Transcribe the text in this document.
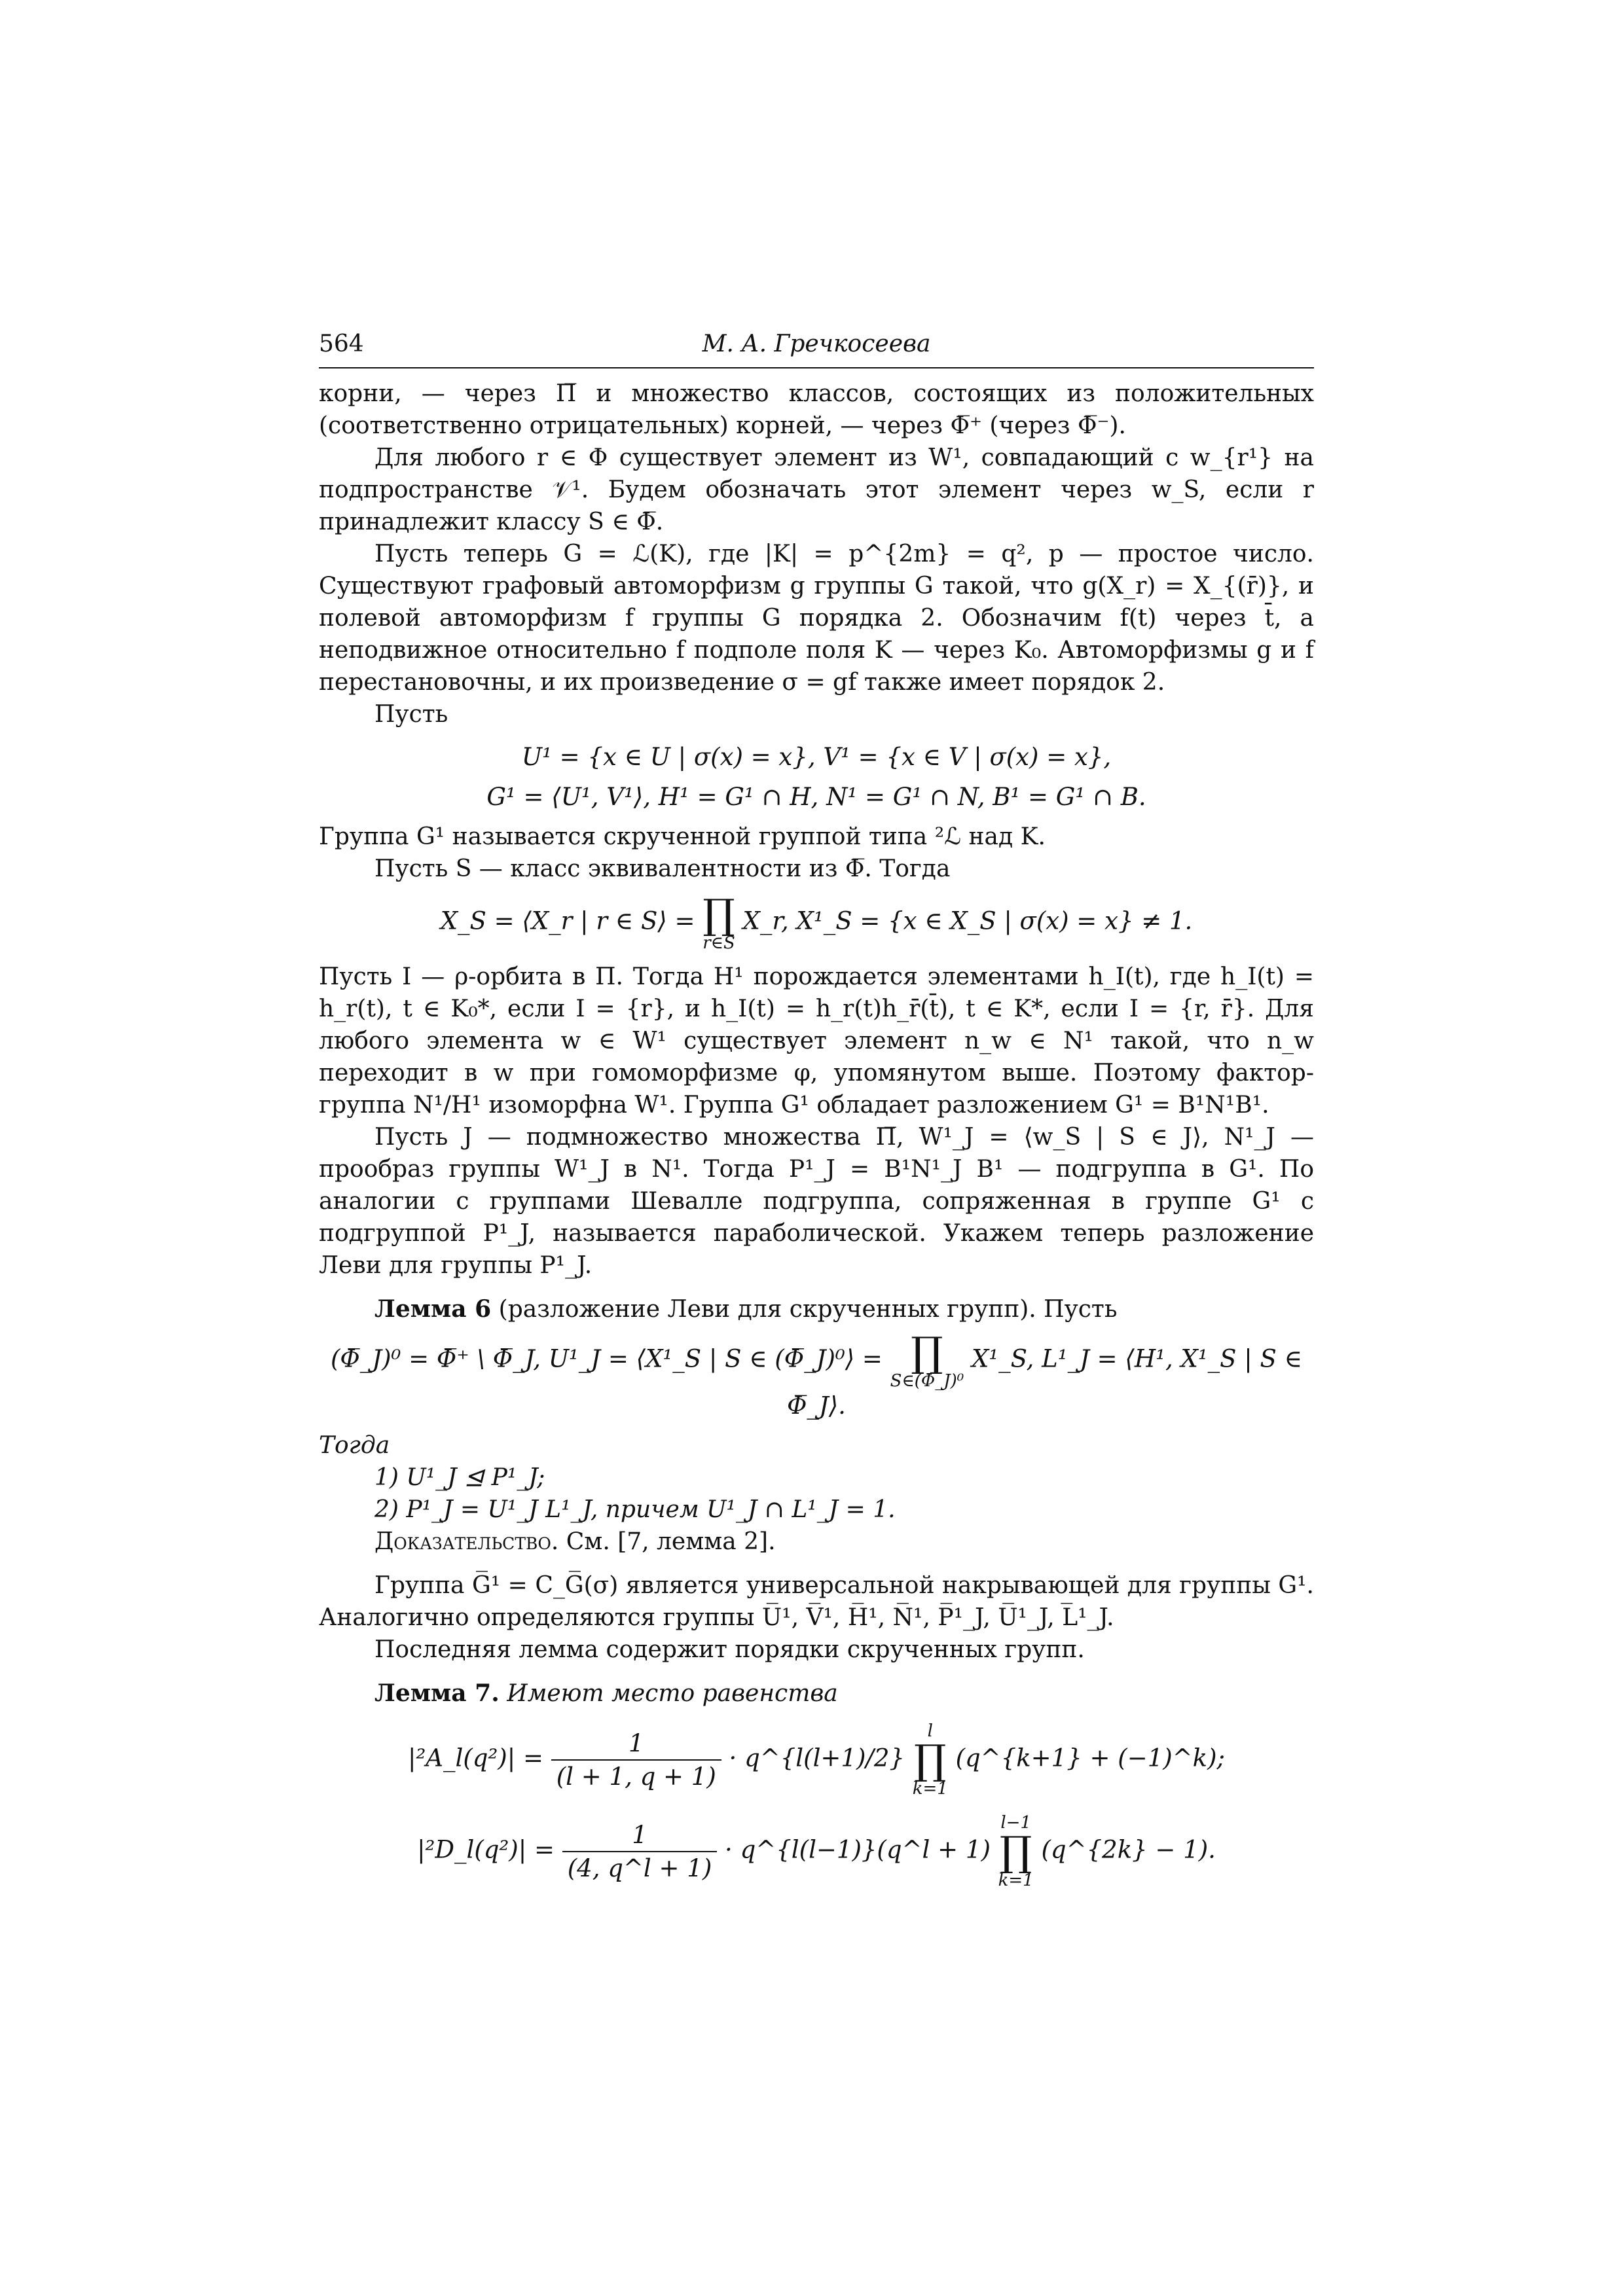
564	М. А. Гречкосеева

корни, — через Π̅ и множество классов, состоящих из положительных (соответственно отрицательных) корней, — через Φ̅⁺ (через Φ̅⁻).

Для любого r ∈ Φ существует элемент из W¹, совпадающий с w_{r¹} на подпространстве 𝒱¹. Будем обозначать этот элемент через w_S, если r принадлежит классу S ∈ Φ̅.

Пусть теперь G = ℒ(K), где |K| = p^{2m} = q², p — простое число. Существуют графовый автоморфизм g группы G такой, что g(X_r) = X_{(r̄)}, и полевой автоморфизм f группы G порядка 2. Обозначим f(t) через t̄, а неподвижное относительно f подполе поля K — через K₀. Автоморфизмы g и f перестановочны, и их произведение σ = gf также имеет порядок 2.

Пусть

U¹ = {x ∈ U | σ(x) = x}, V¹ = {x ∈ V | σ(x) = x},

G¹ = ⟨U¹, V¹⟩, H¹ = G¹ ∩ H, N¹ = G¹ ∩ N, B¹ = G¹ ∩ B.

Группа G¹ называется скрученной группой типа ²ℒ над K.

Пусть S — класс эквивалентности из Φ̅. Тогда

X_S = ⟨X_r | r ∈ S⟩ = ∏
r∈S
X_r, X¹_S = {x ∈ X_S | σ(x) = x} ≠ 1.

Пусть I — ρ-орбита в Π. Тогда H¹ порождается элементами h_I(t), где h_I(t) = h_r(t), t ∈ K₀*, если I = {r}, и h_I(t) = h_r(t)h_r̄(t̄), t ∈ K*, если I = {r, r̄}. Для любого элемента w ∈ W¹ существует элемент n_w ∈ N¹ такой, что n_w переходит в w при гомоморфизме φ, упомянутом выше. Поэтому фактор-группа N¹/H¹ изоморфна W¹. Группа G¹ обладает разложением G¹ = B¹N¹B¹.

Пусть J — подмножество множества Π̅, W¹_J = ⟨w_S | S ∈ J⟩, N¹_J — прообраз группы W¹_J в N¹. Тогда P¹_J = B¹N¹_J B¹ — подгруппа в G¹. По аналогии с группами Шевалле подгруппа, сопряженная в группе G¹ с подгруппой P¹_J, называется параболической. Укажем теперь разложение Леви для группы P¹_J.

Лемма 6 (разложение Леви для скрученных групп). Пусть

(Φ̅_J)⁰ = Φ̅⁺ \ Φ̅_J, U¹_J = ⟨X¹_S | S ∈ (Φ̅_J)⁰⟩ = ∏
S∈(Φ̅_J)⁰
X¹_S, L¹_J = ⟨H¹, X¹_S | S ∈ Φ̅_J⟩.

Тогда

1) U¹_J ⊴ P¹_J;

2) P¹_J = U¹_J L¹_J, причем U¹_J ∩ L¹_J = 1.

Доказательство. См. [7, лемма 2].

Группа G̅¹ = C_G̅(σ) является универсальной накрывающей для группы G¹. Аналогично определяются группы U̅¹, V̅¹, H̅¹, N̅¹, P̅¹_J, U̅¹_J, L̅¹_J.

Последняя лемма содержит порядки скрученных групп.

Лемма 7. Имеют место равенства

|²A_l(q²)| = $\frac{1}{(l + 1, q + 1)}$ · q^{l(l+1)/2}
l
∏
k=1
(q^{k+1} + (−1)^k);
|²D_l(q²)| = $\frac{1}{(4, q\^{}l + 1)}$ · q^{l(l−1)}(q^l + 1)
l−1
∏
k=1
(q^{2k} − 1).
